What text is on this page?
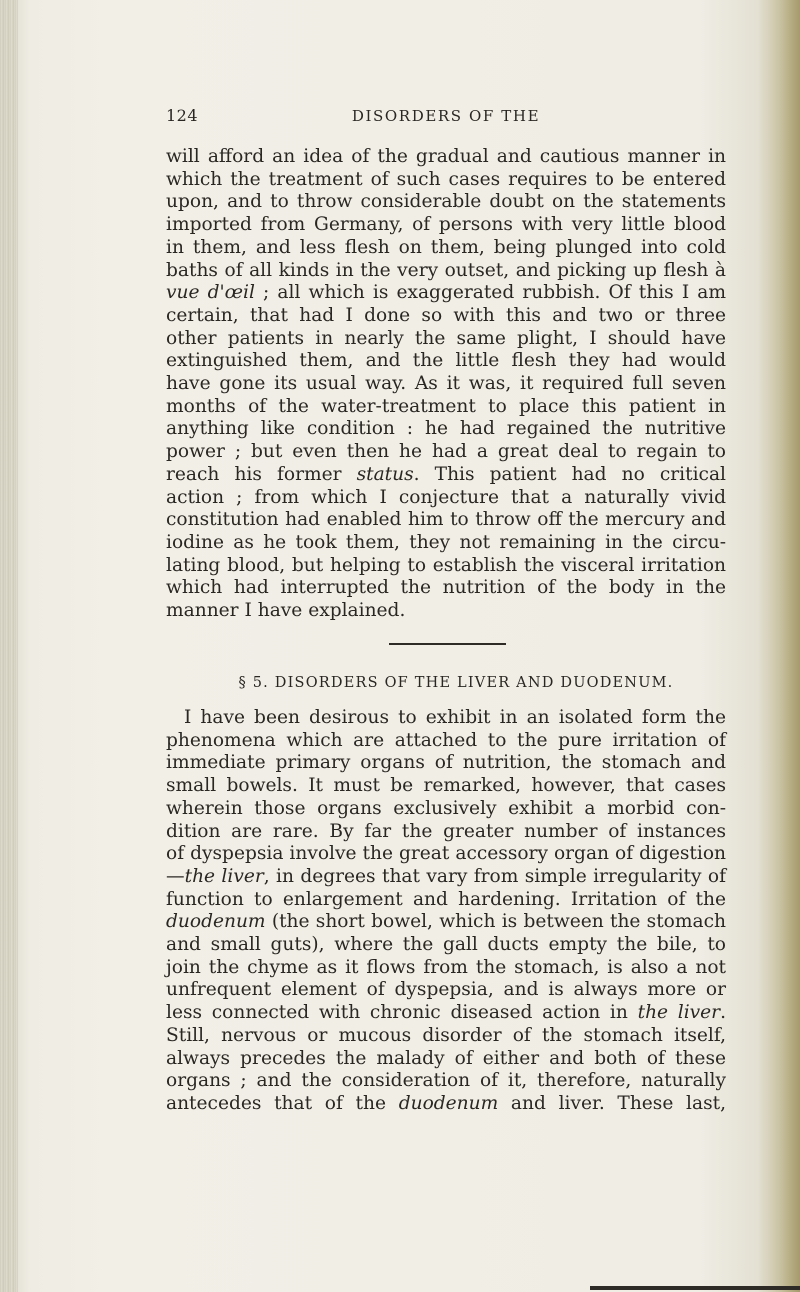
124	DISORDERS OF THE
will afford an idea of the gradual and cautious manner in
which the treatment of such cases requires to be entered
upon, and to throw considerable doubt on the statements
imported from Germany, of persons with very little blood
in them, and less flesh on them, being plunged into cold
baths of all kinds in the very outset, and picking up flesh à
vue d'œil ; all which is exaggerated rubbish. Of this I am
certain, that had I done so with this and two or three
other patients in nearly the same plight, I should have
extinguished them, and the little flesh they had would
have gone its usual way. As it was, it required full seven
months of the water-treatment to place this patient in
anything like condition : he had regained the nutritive
power ; but even then he had a great deal to regain to
reach his former status. This patient had no critical
action ; from which I conjecture that a naturally vivid
constitution had enabled him to throw off the mercury and
iodine as he took them, they not remaining in the circu-
lating blood, but helping to establish the visceral irritation
which had interrupted the nutrition of the body in the
manner I have explained.
§ 5. DISORDERS OF THE LIVER AND DUODENUM.
I have been desirous to exhibit in an isolated form the
phenomena which are attached to the pure irritation of
immediate primary organs of nutrition, the stomach and
small bowels. It must be remarked, however, that cases
wherein those organs exclusively exhibit a morbid con-
dition are rare. By far the greater number of instances
of dyspepsia involve the great accessory organ of digestion
—the liver, in degrees that vary from simple irregularity of
function to enlargement and hardening. Irritation of the
duodenum (the short bowel, which is between the stomach
and small guts), where the gall ducts empty the bile, to
join the chyme as it flows from the stomach, is also a not
unfrequent element of dyspepsia, and is always more or
less connected with chronic diseased action in the liver.
Still, nervous or mucous disorder of the stomach itself,
always precedes the malady of either and both of these
organs ; and the consideration of it, therefore, naturally
antecedes that of the duodenum and liver. These last,
